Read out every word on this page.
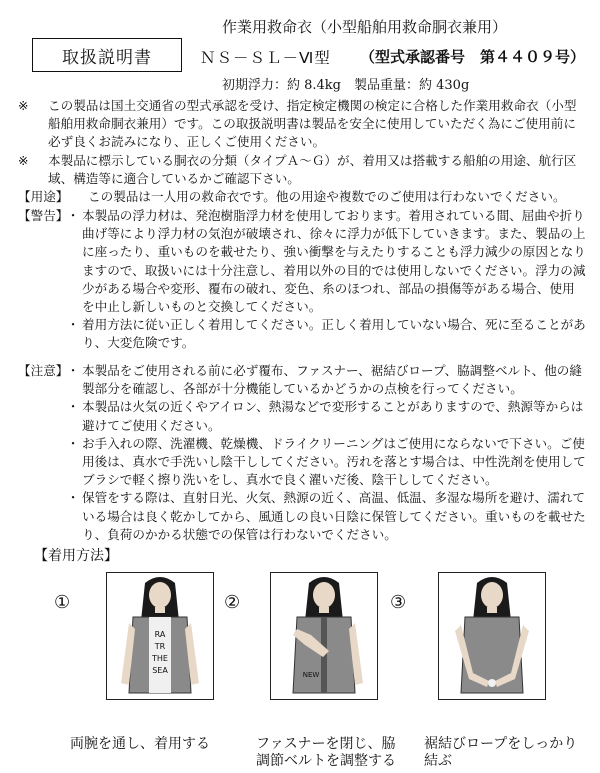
取扱説明書
作業用救命衣（小型船舶用救命胴衣兼用）
ＮＳ－ＳＬ－Ⅵ型 （型式承認番号　第４４０９号）
初期浮力：約 8.4kg　製品重量：約 430g
※	この製品は国土交通省の型式承認を受け、指定検定機関の検定に合格した作業用救命衣（小型船舶用救命胴衣兼用）です。この取扱説明書は製品を安全に使用していただく為にご使用前に必ず良くお読みになり、正しくご使用ください。
※	本製品に標示している胴衣の分類（タイプＡ～Ｇ）が、着用又は搭載する船舶の用途、航行区域、構造等に適合しているかご確認下さい。
【用途】	この製品は一人用の救命衣です。他の用途や複数でのご使用は行わないでください。
【警告】
・ 本製品の浮力材は、発泡樹脂浮力材を使用しております。着用されている間、屈曲や折り曲げ等により浮力材の気泡が破壊され、徐々に浮力が低下していきます。また、製品の上に座ったり、重いものを載せたり、強い衝撃を与えたりすることも浮力減少の原因となりますので、取扱いには十分注意し、着用以外の目的では使用しないでください。浮力の減少がある場合や変形、覆布の破れ、変色、糸のほつれ、部品の損傷等がある場合、使用を中止し新しいものと交換してください。
・ 着用方法に従い正しく着用してください。正しく着用していない場合、死に至ることがあり、大変危険です。
【注意】
・ 本製品をご使用される前に必ず覆布、ファスナー、裾結びロープ、脇調整ベルト、他の縫製部分を確認し、各部が十分機能しているかどうかの点検を行ってください。
・ 本製品は火気の近くやアイロン、熱湯などで変形することがありますので、熱源等からは避けてご使用ください。
・ お手入れの際、洗濯機、乾燥機、ドライクリーニングはご使用にならないで下さい。ご使用後は、真水で手洗いし陰干ししてください。汚れを落とす場合は、中性洗剤を使用してブラシで軽く擦り洗いをし、真水で良く濯いだ後、陰干ししてください。
・ 保管をする際は、直射日光、火気、熱源の近く、高温、低温、多湿な場所を避け、濡れている場合は良く乾かしてから、風通しの良い日陰に保管してください。重いものを載せたり、負荷のかかる状態での保管は行わないでください。
【着用方法】
①
RA
TR
THE
SEA
両腕を通し、着用する
②
NEW
ファスナーを閉じ、脇調節ベルトを調整する
③
裾結びロープをしっかり結ぶ
